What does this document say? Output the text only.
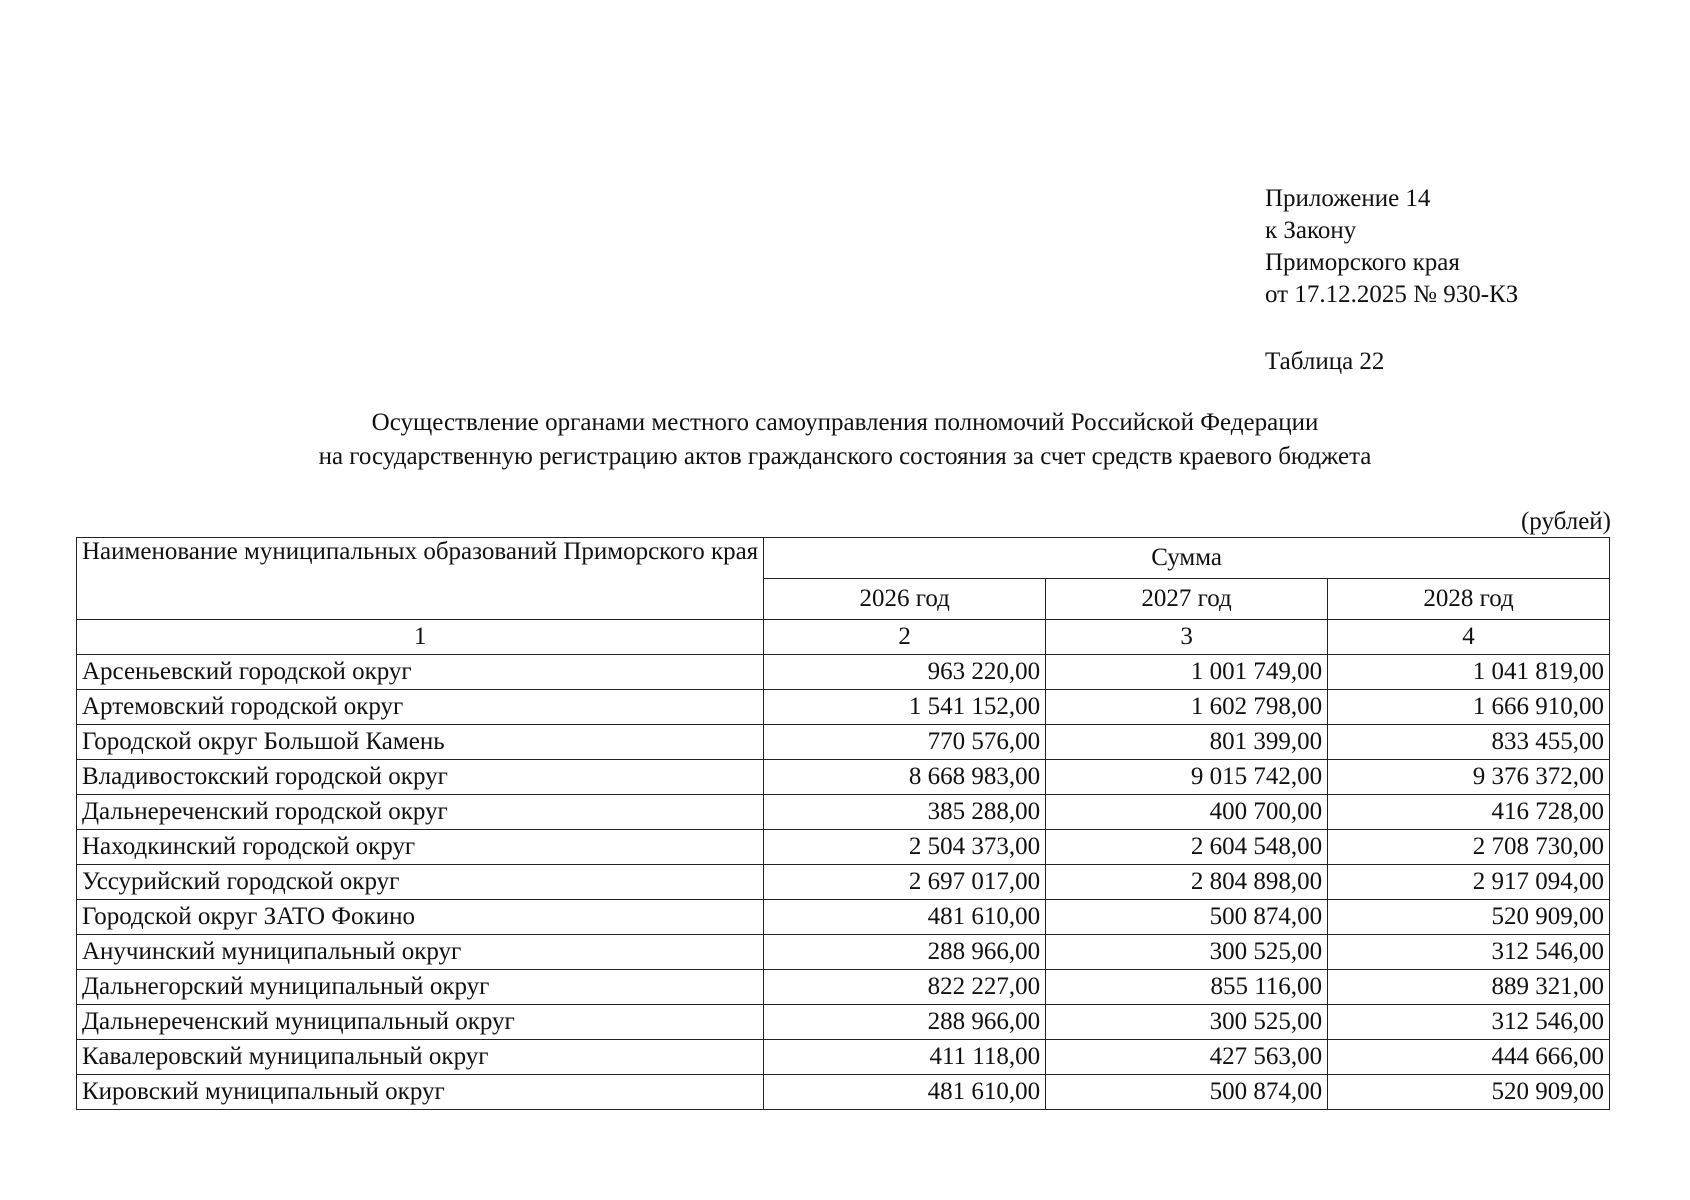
Приложение 14
к Закону
Приморского края
от 17.12.2025 № 930-КЗ
Таблица 22
Осуществление органами местного самоуправления полномочий Российской Федерации
на государственную регистрацию актов гражданского состояния за счет средств краевого бюджета
(рублей)
Наименование муниципальных образований Приморского края	Сумма		
	2026 год	2027 год	2028 год
1	2	3	4
Арсеньевский городской округ	963 220,00	1 001 749,00	1 041 819,00
Артемовский городской округ	1 541 152,00	1 602 798,00	1 666 910,00
Городской округ Большой Камень	770 576,00	801 399,00	833 455,00
Владивостокский городской округ	8 668 983,00	9 015 742,00	9 376 372,00
Дальнереченский городской округ	385 288,00	400 700,00	416 728,00
Находкинский городской округ	2 504 373,00	2 604 548,00	2 708 730,00
Уссурийский городской округ	2 697 017,00	2 804 898,00	2 917 094,00
Городской округ ЗАТО Фокино	481 610,00	500 874,00	520 909,00
Анучинский муниципальный округ	288 966,00	300 525,00	312 546,00
Дальнегорский муниципальный округ	822 227,00	855 116,00	889 321,00
Дальнереченский муниципальный округ	288 966,00	300 525,00	312 546,00
Кавалеровский муниципальный округ	411 118,00	427 563,00	444 666,00
Кировский муниципальный округ	481 610,00	500 874,00	520 909,00
